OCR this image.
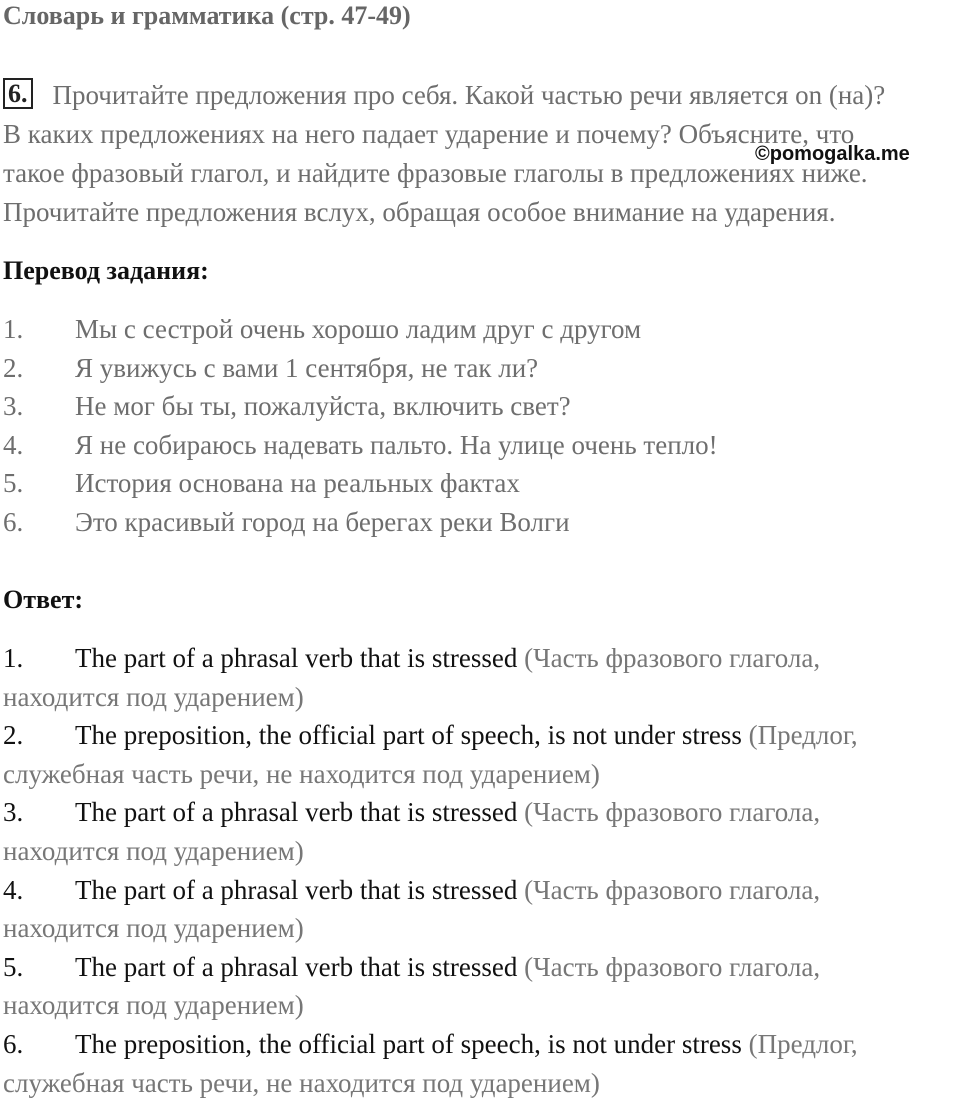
Словарь и грамматика (стр. 47-49)

6. Прочитайте предложения про себя. Какой частью речи является on (на)?

В каких предложениях на него падает ударение и почему? Объясните, что

такое фразовый глагол, и найдите фразовые глаголы в предложениях ниже.

Прочитайте предложения вслух, обращая особое внимание на ударения.

©pomogalka.me
Перевод задания:
1. Мы с сестрой очень хорошо ладим друг с другом
2. Я увижусь с вами 1 сентября, не так ли?
3. Не мог бы ты, пожалуйста, включить свет?
4. Я не собираюсь надевать пальто. На улице очень тепло!
5. История основана на реальных фактах
6. Это красивый город на берегах реки Волги
Ответ:
1. The part of a phrasal verb that is stressed (Часть фразового глагола,
находится под ударением)
2. The preposition, the official part of speech, is not under stress (Предлог,
служебная часть речи, не находится под ударением)
3. The part of a phrasal verb that is stressed (Часть фразового глагола,
находится под ударением)
4. The part of a phrasal verb that is stressed (Часть фразового глагола,
находится под ударением)
5. The part of a phrasal verb that is stressed (Часть фразового глагола,
находится под ударением)
6. The preposition, the official part of speech, is not under stress (Предлог,
служебная часть речи, не находится под ударением)
